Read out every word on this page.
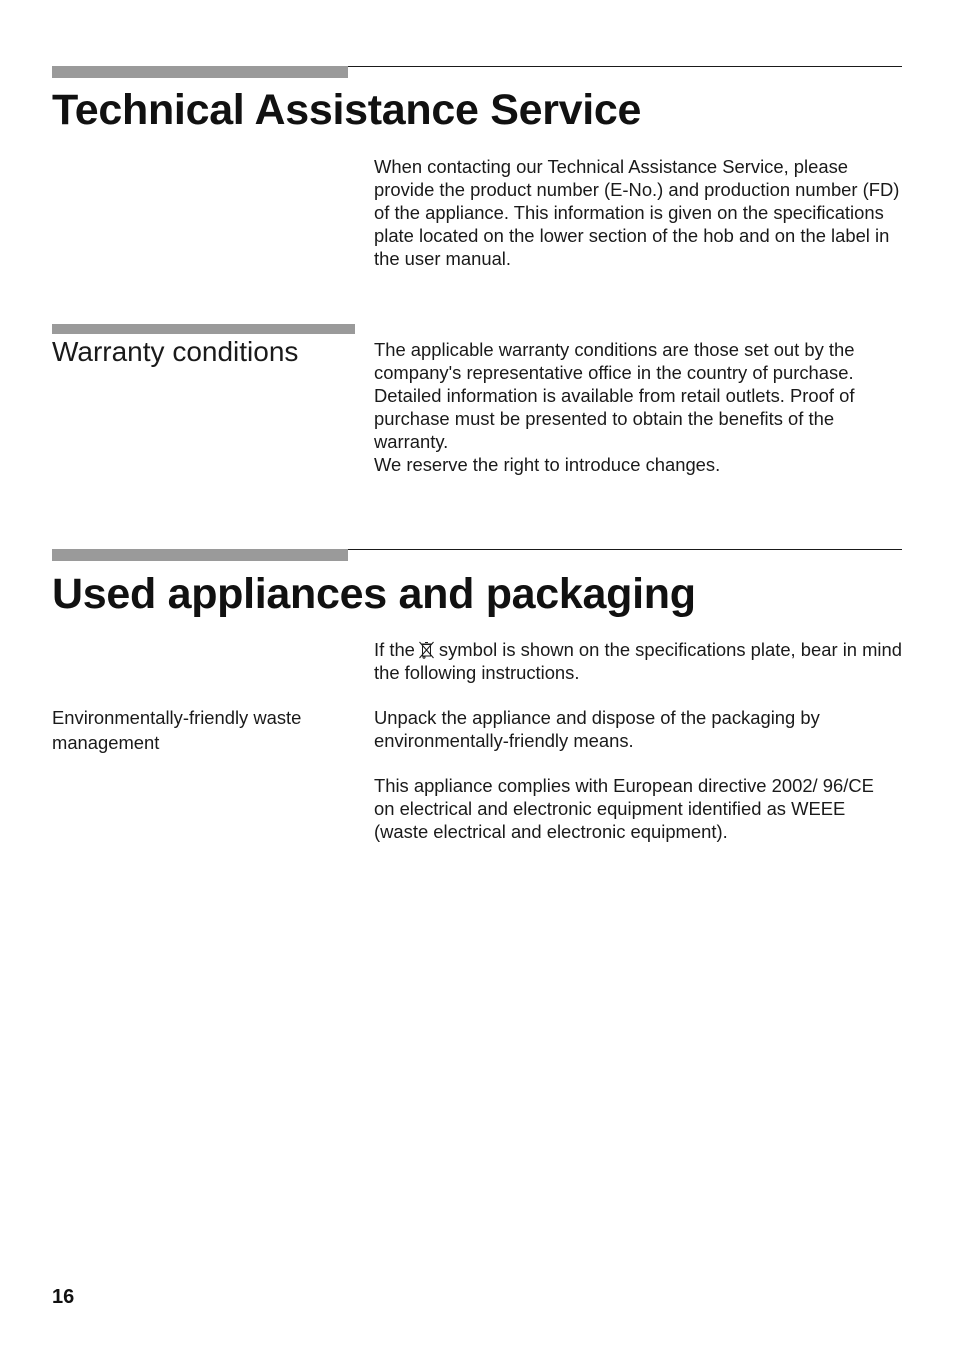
Technical Assistance Service

When contacting our Technical Assistance Service, please provide the product number (E-No.) and production number (FD) of the appliance. This information is given on the specifications plate located on the lower section of the hob and on the label in the user manual.

Warranty conditions	The applicable warranty conditions are those set out by the company's representative office in the country of purchase. Detailed information is available from retail outlets. Proof of purchase must be presented to obtain the benefits of the warranty.
We reserve the right to introduce changes.

Used appliances and packaging

If the symbol is shown on the specifications plate, bear in mind the following instructions.

Environmentally-friendly waste management

Unpack the appliance and dispose of the packaging by environmentally-friendly means.

This appliance complies with European directive 2002/ 96/CE on electrical and electronic equipment identified as WEEE (waste electrical and electronic equipment).

16
